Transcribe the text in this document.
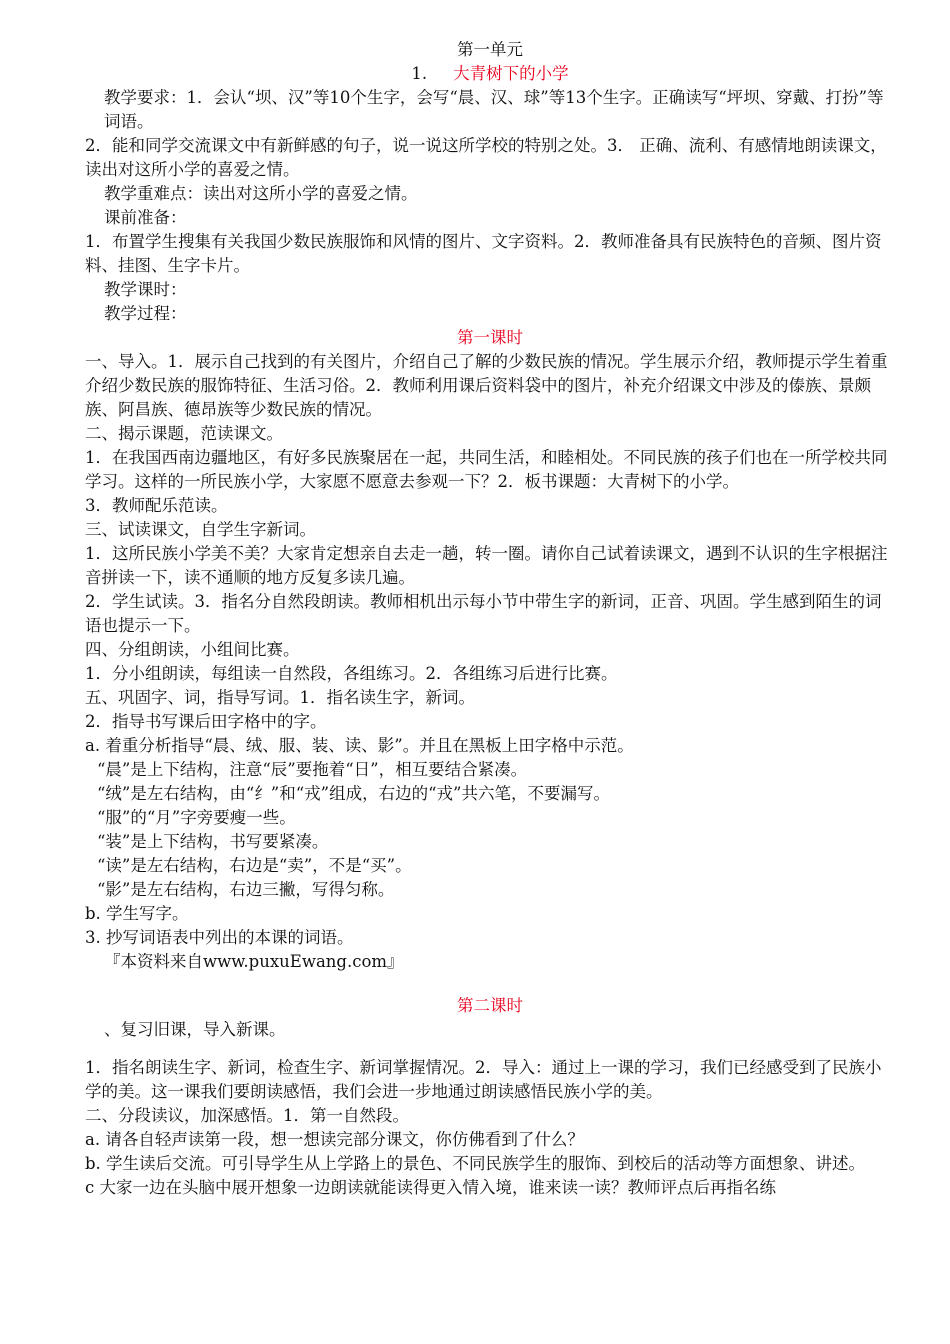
第一单元

1. 大青树下的小学

教学要求：1．会认“坝、汉”等10个生字，会写“晨、汉、球”等13个生字。正确读写“坪坝、穿戴、打扮”等词语。

2．能和同学交流课文中有新鲜感的句子，说一说这所学校的特别之处。3． 正确、流利、有感情地朗读课文，读出对这所小学的喜爱之情。

教学重难点：读出对这所小学的喜爱之情。

课前准备：

1．布置学生搜集有关我国少数民族服饰和风情的图片、文字资料。2．教师准备具有民族特色的音频、图片资料、挂图、生字卡片。

教学课时：

教学过程：

第一课时

一、导入。1．展示自己找到的有关图片，介绍自己了解的少数民族的情况。学生展示介绍，教师提示学生着重介绍少数民族的服饰特征、生活习俗。2．教师利用课后资料袋中的图片，补充介绍课文中涉及的傣族、景颇族、阿昌族、德昂族等少数民族的情况。

二、揭示课题，范读课文。

1．在我国西南边疆地区，有好多民族聚居在一起，共同生活，和睦相处。不同民族的孩子们也在一所学校共同学习。这样的一所民族小学，大家愿不愿意去参观一下？2．板书课题：大青树下的小学。

3．教师配乐范读。

三、试读课文，自学生字新词。

1．这所民族小学美不美？大家肯定想亲自去走一趟，转一圈。请你自己试着读课文，遇到不认识的生字根据注音拼读一下，读不通顺的地方反复多读几遍。

2．学生试读。3．指名分自然段朗读。教师相机出示每小节中带生字的新词，正音、巩固。学生感到陌生的词语也提示一下。

四、分组朗读，小组间比赛。

1．分小组朗读，每组读一自然段，各组练习。2．各组练习后进行比赛。

五、巩固字、词，指导写词。1．指名读生字，新词。

2．指导书写课后田字格中的字。

a. 着重分析指导“晨、绒、服、装、读、影”。并且在黑板上田字格中示范。

“晨”是上下结构，注意“辰”要拖着“日”，相互要结合紧凑。

“绒”是左右结构，由“纟”和“戎”组成，右边的“戎”共六笔，不要漏写。

“服”的“月”字旁要瘦一些。

“装”是上下结构，书写要紧凑。

“读”是左右结构，右边是“卖”，不是“买”。

“影”是左右结构，右边三撇，写得匀称。

b. 学生写字。

3. 抄写词语表中列出的本课的词语。

『本资料来自www.puxuEwang.com』

第二课时

、复习旧课，导入新课。

1．指名朗读生字、新词，检查生字、新词掌握情况。2．导入：通过上一课的学习，我们已经感受到了民族小学的美。这一课我们要朗读感悟，我们会进一步地通过朗读感悟民族小学的美。

二、分段读议，加深感悟。1．第一自然段。

a. 请各自轻声读第一段，想一想读完部分课文，你仿佛看到了什么？

b. 学生读后交流。可引导学生从上学路上的景色、不同民族学生的服饰、到校后的活动等方面想象、讲述。

c 大家一边在头脑中展开想象一边朗读就能读得更入情入境，谁来读一读？教师评点后再指名练
